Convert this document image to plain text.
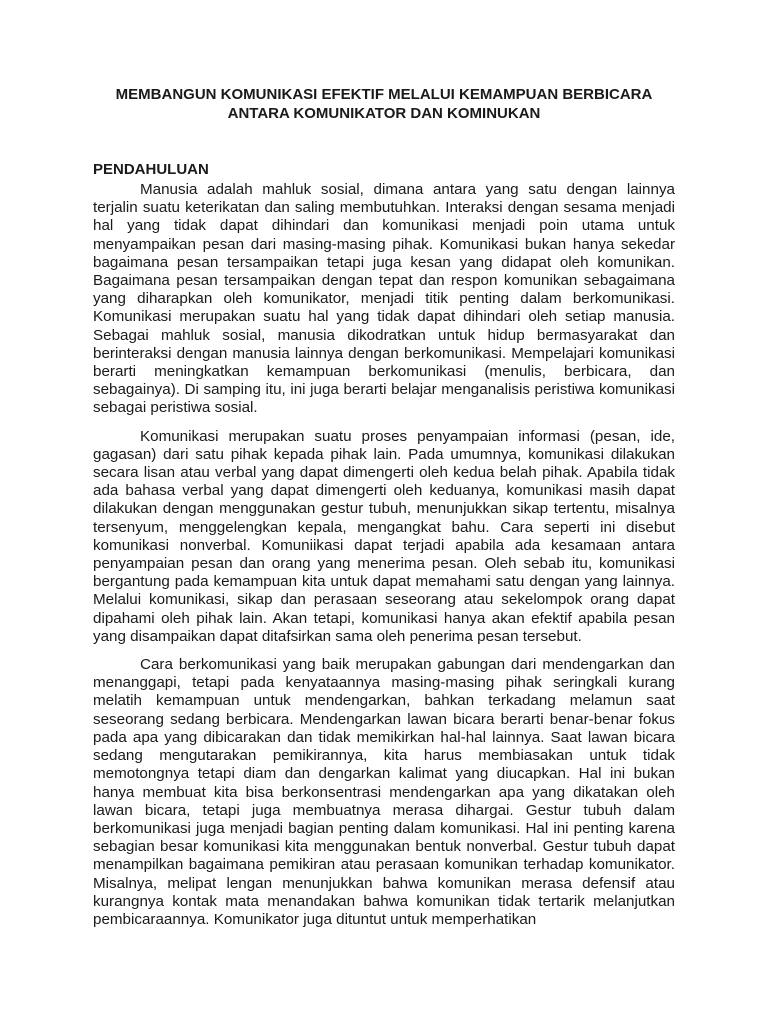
MEMBANGUN KOMUNIKASI EFEKTIF MELALUI KEMAMPUAN BERBICARA
ANTARA KOMUNIKATOR DAN KOMINUKAN
PENDAHULUAN

Manusia adalah mahluk sosial, dimana antara yang satu dengan lainnya terjalin suatu keterikatan dan saling membutuhkan. Interaksi dengan sesama menjadi hal yang tidak dapat dihindari dan komunikasi menjadi poin utama untuk menyampaikan pesan dari masing-masing pihak. Komunikasi bukan hanya sekedar bagaimana pesan tersampaikan tetapi juga kesan yang didapat oleh komunikan. Bagaimana pesan tersampaikan dengan tepat dan respon komunikan sebagaimana yang diharapkan oleh komunikator, menjadi titik penting dalam berkomunikasi. Komunikasi merupakan suatu hal yang tidak dapat dihindari oleh setiap manusia. Sebagai mahluk sosial, manusia dikodratkan untuk hidup bermasyarakat dan berinteraksi dengan manusia lainnya dengan berkomunikasi. Mempelajari komunikasi berarti meningkatkan kemampuan berkomunikasi (menulis, berbicara, dan sebagainya). Di samping itu, ini juga berarti belajar menganalisis peristiwa komunikasi sebagai peristiwa sosial.

Komunikasi merupakan suatu proses penyampaian informasi (pesan, ide, gagasan) dari satu pihak kepada pihak lain. Pada umumnya, komunikasi dilakukan secara lisan atau verbal yang dapat dimengerti oleh kedua belah pihak. Apabila tidak ada bahasa verbal yang dapat dimengerti oleh keduanya, komunikasi masih dapat dilakukan dengan menggunakan gestur tubuh, menunjukkan sikap tertentu, misalnya tersenyum, menggelengkan kepala, mengangkat bahu. Cara seperti ini disebut komunikasi nonverbal. Komuniikasi dapat terjadi apabila ada kesamaan antara penyampaian pesan dan orang yang menerima pesan. Oleh sebab itu, komunikasi bergantung pada kemampuan kita untuk dapat memahami satu dengan yang lainnya. Melalui komunikasi, sikap dan perasaan seseorang atau sekelompok orang dapat dipahami oleh pihak lain. Akan tetapi, komunikasi hanya akan efektif apabila pesan yang disampaikan dapat ditafsirkan sama oleh penerima pesan tersebut.

Cara berkomunikasi yang baik merupakan gabungan dari mendengarkan dan menanggapi, tetapi pada kenyataannya masing-masing pihak seringkali kurang melatih kemampuan untuk mendengarkan, bahkan terkadang melamun saat seseorang sedang berbicara. Mendengarkan lawan bicara berarti benar-benar fokus pada apa yang dibicarakan dan tidak memikirkan hal-hal lainnya. Saat lawan bicara sedang mengutarakan pemikirannya, kita harus membiasakan untuk tidak memotongnya tetapi diam dan dengarkan kalimat yang diucapkan. Hal ini bukan hanya membuat kita bisa berkonsentrasi mendengarkan apa yang dikatakan oleh lawan bicara, tetapi juga membuatnya merasa dihargai. Gestur tubuh dalam berkomunikasi juga menjadi bagian penting dalam komunikasi. Hal ini penting karena sebagian besar komunikasi kita menggunakan bentuk nonverbal. Gestur tubuh dapat menampilkan bagaimana pemikiran atau perasaan komunikan terhadap komunikator. Misalnya, melipat lengan menunjukkan bahwa komunikan merasa defensif atau kurangnya kontak mata menandakan bahwa komunikan tidak tertarik melanjutkan pembicaraannya. Komunikator juga dituntut untuk memperhatikan
